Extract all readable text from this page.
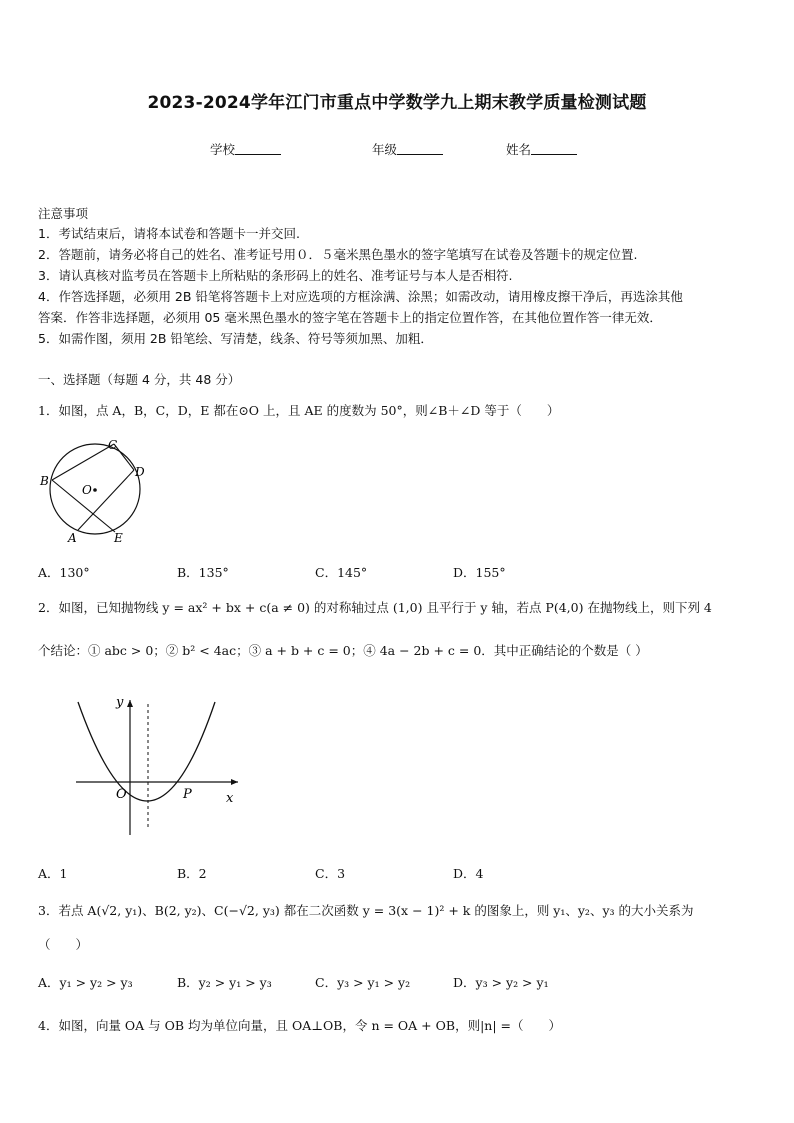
2023-2024学年江门市重点中学数学九上期末教学质量检测试题
学校	年级	姓名
注意事项
1．考试结束后，请将本试卷和答题卡一并交回.
2．答题前，请务必将自己的姓名、准考证号用０．５毫米黑色墨水的签字笔填写在试卷及答题卡的规定位置.
3．请认真核对监考员在答题卡上所粘贴的条形码上的姓名、准考证号与本人是否相符.
4．作答选择题，必须用 2B 铅笔将答题卡上对应选项的方框涂满、涂黑；如需改动，请用橡皮擦干净后，再选涂其他
答案．作答非选择题，必须用 05 毫米黑色墨水的签字笔在答题卡上的指定位置作答，在其他位置作答一律无效．
5．如需作图，须用 2B 铅笔绘、写清楚，线条、符号等须加黑、加粗．
一、选择题（每题 4 分，共 48 分）
1．如图，点 A，B，C，D，E 都在⊙O 上，且 AE 的度数为 50°，则∠B＋∠D 等于（　　）
C
D
B
O
A	E
A．130°	B．135°	C．145°	D．155°
2．如图，已知抛物线 y = ax² + bx + c(a ≠ 0) 的对称轴过点 (1,0) 且平行于 y 轴，若点 P(4,0) 在抛物线上，则下列 4
个结论：① abc > 0；② b² < 4ac；③ a + b + c = 0；④ 4a − 2b + c = 0．其中正确结论的个数是（ ）
y
O	P	x
A．1	B．2	C．3	D．4
3．若点 A(√2, y₁)、B(2, y₂)、C(−√2, y₃) 都在二次函数 y = 3(x − 1)² + k 的图象上，则 y₁、y₂、y₃ 的大小关系为
（　　）
A．y₁ > y₂ > y₃	B．y₂ > y₁ > y₃	C．y₃ > y₁ > y₂	D．y₃ > y₂ > y₁
4．如图，向量 OA 与 OB 均为单位向量，且 OA⊥OB，令 n = OA + OB，则|n| =（　　）
